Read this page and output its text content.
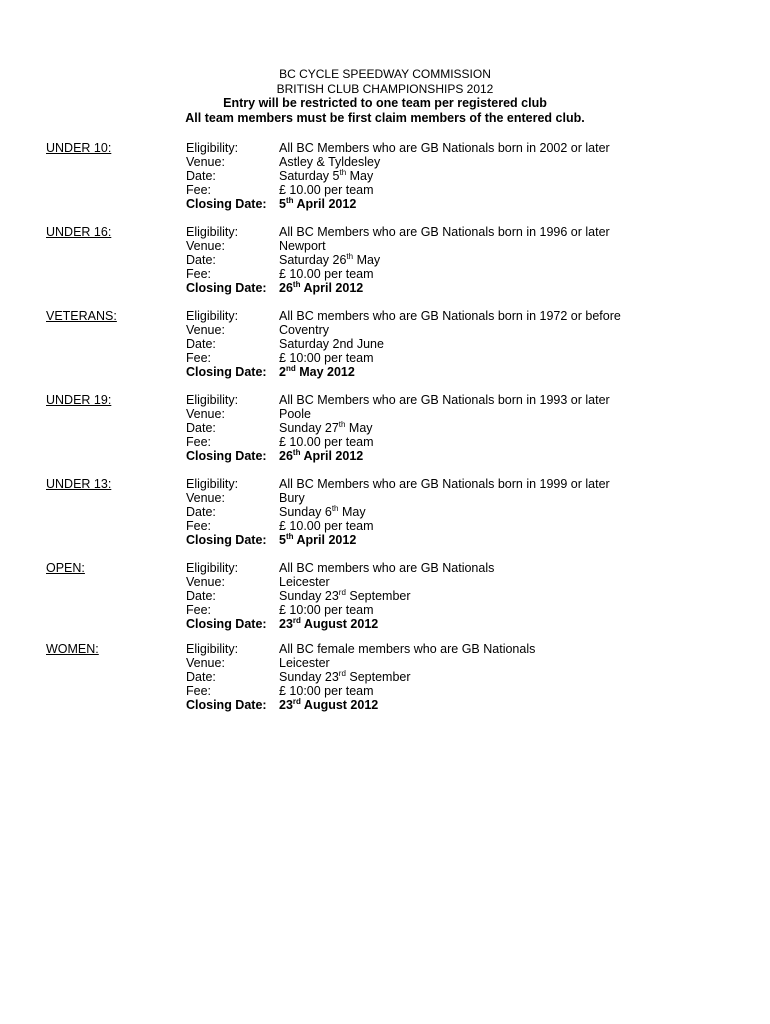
BC CYCLE SPEEDWAY COMMISSION
BRITISH CLUB CHAMPIONSHIPS 2012
Entry will be restricted to one team per registered club
All team members must be first claim members of the entered club.
UNDER 10:	Eligibility:	All BC Members who are GB Nationals born in 2002 or later
Venue:	Astley & Tyldesley
Date:	Saturday 5th May
Fee:	£ 10.00 per team
Closing Date: 5th April 2012
UNDER 16:	Eligibility:	All BC Members who are GB Nationals born in 1996 or later
Venue:	Newport
Date:	Saturday 26th May
Fee:	£ 10.00 per team
Closing Date: 26th April 2012
VETERANS:	Eligibility:	All BC members who are GB Nationals born in 1972 or before
Venue:	Coventry
Date:	Saturday 2nd June
Fee:	£ 10:00 per team
Closing Date: 2nd May 2012
UNDER 19:	Eligibility:	All BC Members who are GB Nationals born in 1993 or later
Venue:	Poole
Date:	Sunday 27th May
Fee:	£ 10.00 per team
Closing Date: 26th April 2012
UNDER 13:	Eligibility:	All BC Members who are GB Nationals born in 1999 or later
Venue:	Bury
Date:	Sunday 6th May
Fee:	£ 10.00 per team
Closing Date: 5th April 2012
OPEN:	Eligibility:	All BC members who are GB Nationals
Venue:	Leicester
Date:	Sunday 23rd September
Fee:	£ 10:00 per team
Closing Date: 23rd August 2012
WOMEN:	Eligibility:	All BC female members who are GB Nationals
Venue:	Leicester
Date:	Sunday 23rd September
Fee:	£ 10:00 per team
Closing Date: 23rd August 2012
